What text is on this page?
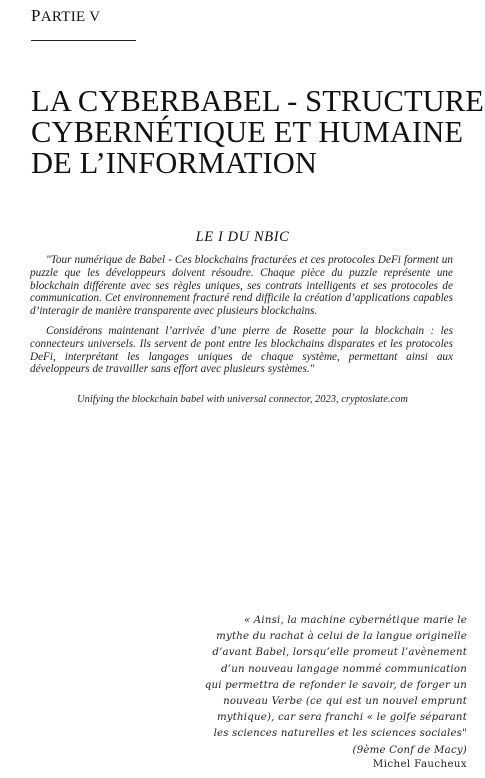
PARTIE V
LA CYBERBABEL - STRUCTURE
CYBERNÉTIQUE ET HUMAINE
DE L’INFORMATION
LE I DU NBIC

"Tour numérique de Babel - Ces blockchains fracturées et ces protocoles DeFi forment un puzzle que les développeurs doivent résoudre. Chaque pièce du puzzle représente une blockchain différente avec ses règles uniques, ses contrats intelligents et ses protocoles de communication. Cet environnement fracturé rend difficile la création d’applications capables d’interagir de manière transparente avec plusieurs blockchains.

Considérons maintenant l’arrivée d’une pierre de Rosette pour la blockchain : les connecteurs universels. Ils servent de pont entre les blockchains disparates et les protocoles DeFi, interprétant les langages uniques de chaque système, permettant ainsi aux développeurs de travailler sans effort avec plusieurs systèmes."

Unifying the blockchain babel with universal connector, 2023, cryptoslate.com
« Ainsi, la machine cybernétique marie le
mythe du rachat à celui de la langue originelle
d’avant Babel, lorsqu’elle promeut l’avènement
d’un nouveau langage nommé communication
qui permettra de refonder le savoir, de forger un
nouveau Verbe (ce qui est un nouvel emprunt
mythique), car sera franchi « le golfe séparant
les sciences naturelles et les sciences sociales"
(9ème Conf de Macy)
Michel Faucheux
